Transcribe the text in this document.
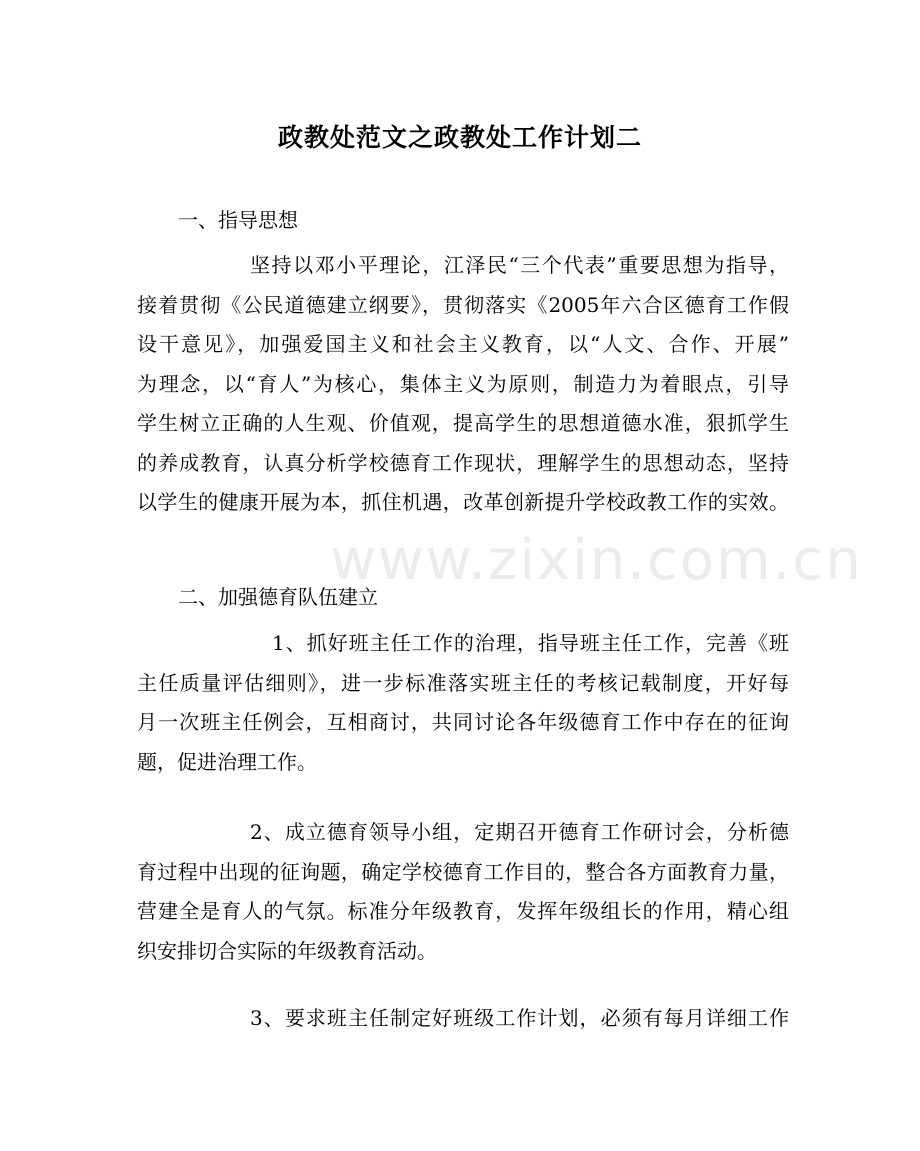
www.zixin.com.cn
政教处范文之政教处工作计划二
一、指导思想
坚持以邓小平理论，江泽民“三个代表”重要思想为指导，
接着贯彻《公民道德建立纲要》，贯彻落实《2005年六合区德育工作假
设干意见》，加强爱国主义和社会主义教育，以“人文、合作、开展”
为理念，以“育人”为核心，集体主义为原则，制造力为着眼点，引导
学生树立正确的人生观、价值观，提高学生的思想道德水准，狠抓学生
的养成教育，认真分析学校德育工作现状，理解学生的思想动态，坚持
以学生的健康开展为本，抓住机遇，改革创新提升学校政教工作的实效。
二、加强德育队伍建立
1、抓好班主任工作的治理，指导班主任工作，完善《班
主任质量评估细则》，进一步标准落实班主任的考核记载制度，开好每
月一次班主任例会，互相商讨，共同讨论各年级德育工作中存在的征询
题，促进治理工作。
2、成立德育领导小组，定期召开德育工作研讨会，分析德
育过程中出现的征询题，确定学校德育工作目的，整合各方面教育力量，
营建全是育人的气氛。标准分年级教育，发挥年级组长的作用，精心组
织安排切合实际的年级教育活动。
3、要求班主任制定好班级工作计划，必须有每月详细工作
